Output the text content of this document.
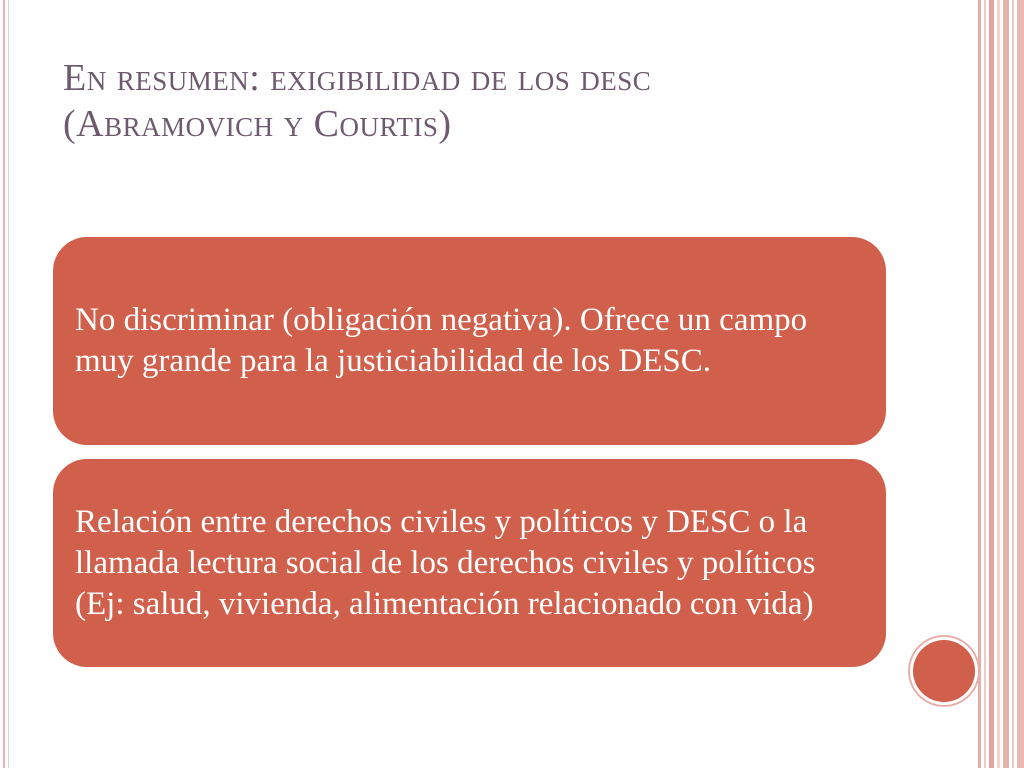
En resumen: exigibilidad de los desc
(Abramovich y Courtis)
No discriminar (obligación negativa). Ofrece un campo muy grande para la justiciabilidad de los DESC.
Relación entre derechos civiles y políticos y DESC o la llamada lectura social de los derechos civiles y políticos (Ej: salud, vivienda, alimentación relacionado con vida)
